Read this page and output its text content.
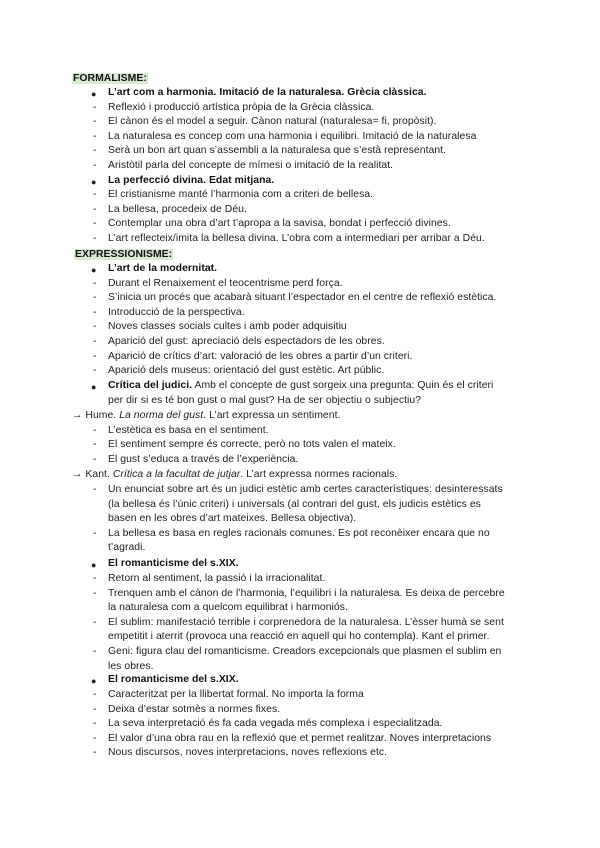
FORMALISME:
EXPRESSIONISME:
● Crítica del judici. Amb el concepte de gust sorgeix una pregunta: Quin és el criteri
per dir si es té bon gust o mal gust? Ha de ser objectiu o subjectiu?
→ Hume. La norma del gust. L’art expressa un sentiment.
→ Kant. Crítica a la facultat de jutjar. L’art expressa normes racionals.
● El romanticisme del s.XIX.
● El romanticisme del s.XIX.
● L’art com a harmonia. Imitació de la naturalesa. Grècia clàssica.
- Reflexió i producció artística pròpia de la Grècia clàssica.
- El cànon és el model a seguir. Cànon natural (naturalesa= fi, propòsit).
- La naturalesa es concep com una harmonia i equilibri. Imitació de la naturalesa
- Serà un bon art quan s’assembli a la naturalesa que s’està representant.
- Aristòtil parla del concepte de mímesi o imitació de la realitat.
● La perfecció divina. Edat mitjana.
- El cristianisme manté l’harmonia com a criteri de bellesa.
- La bellesa, procedeix de Déu.
- Contemplar una obra d’art t’apropa a la savisa, bondat i perfecció divines.
- L’art reflecteix/imita la bellesa divina. L’obra com a intermediari per arribar a Déu.
● L’art de la modernitat.
- Durant el Renaixement el teocentrisme perd força.
- S’inicia un procés que acabarà situant l’espectador en el centre de reflexió estètica.
- Introducció de la perspectiva.
- Noves classes socials cultes i amb poder adquisitiu
- Aparició del gust: apreciació dels espectadors de les obres.
- Aparició de crítics d’art: valoració de les obres a partir d’un criteri.
- Aparició dels museus: orientació del gust estètic. Art públic.
- L’estètica es basa en el sentiment.
- El sentiment sempre és correcte, però no tots valen el mateix.
- El gust s’educa a través de l’experiència.
- Un enunciat sobre art és un judici estètic amb certes característiques: desinteressats
(la bellesa és l’únic criteri) i universals (al contrari del gust, els judicis estètics es
basen en les obres d’art mateixes. Bellesa objectiva).
- La bellesa es basa en regles racionals comunes. Es pot reconèixer encara que no
t’agradi.
- Retorn al sentiment, la passió i la irracionalitat.
- Trenquen amb el cànon de l’harmonia, l’equilibri i la naturalesa. Es deixa de percebre
la naturalesa com a quelcom equilibrat i harmoniós.
- El sublim: manifestació terrible i corprenedora de la naturalesa. L’èsser humà se sent
empetitit i aterrit (provoca una reacció en aquell qui ho contempla). Kant el primer.
- Geni: figura clau del romanticisme. Creadors excepcionals que plasmen el sublim en
les obres.
- Caracteritzat per la llibertat formal. No importa la forma
- Deixa d’estar sotmès a normes fixes.
- La seva interpretació és fa cada vegada més complexa i especialitzada.
- El valor d’una obra rau en la reflexió que et permet realitzar. Noves interpretacions
- Nous discursos, noves interpretacions, noves reflexions etc.
